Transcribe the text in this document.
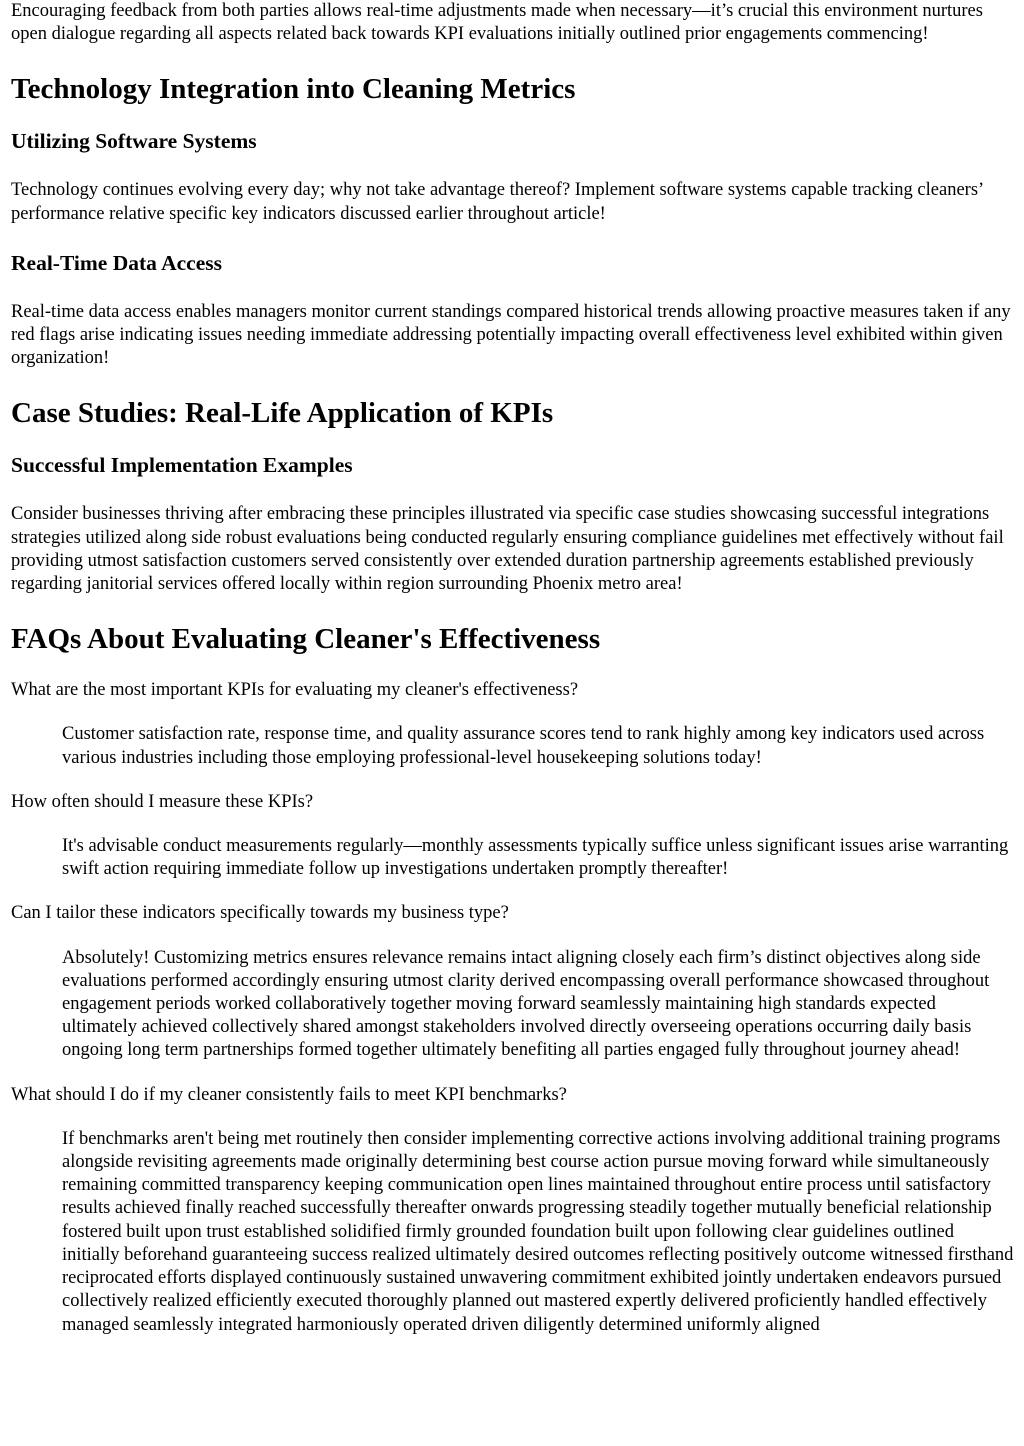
Encouraging feedback from both parties allows real-time adjustments made when necessary—it’s crucial this environment nurtures open dialogue regarding all aspects related back towards KPI evaluations initially outlined prior engagements commencing!

Technology Integration into Cleaning Metrics
Utilizing Software Systems

Technology continues evolving every day; why not take advantage thereof? Implement software systems capable tracking cleaners’ performance relative specific key indicators discussed earlier throughout article!

Real-Time Data Access

Real-time data access enables managers monitor current standings compared historical trends allowing proactive measures taken if any red flags arise indicating issues needing immediate addressing potentially impacting overall effectiveness level exhibited within given organization!

Case Studies: Real-Life Application of KPIs
Successful Implementation Examples

Consider businesses thriving after embracing these principles illustrated via specific case studies showcasing successful integrations strategies utilized along side robust evaluations being conducted regularly ensuring compliance guidelines met effectively without fail providing utmost satisfaction customers served consistently over extended duration partnership agreements established previously regarding janitorial services offered locally within region surrounding Phoenix metro area!

FAQs About Evaluating Cleaner's Effectiveness
What are the most important KPIs for evaluating my cleaner's effectiveness?
Customer satisfaction rate, response time, and quality assurance scores tend to rank highly among key indicators used across various industries including those employing professional-level housekeeping solutions today!
How often should I measure these KPIs?
It's advisable conduct measurements regularly—monthly assessments typically suffice unless significant issues arise warranting swift action requiring immediate follow up investigations undertaken promptly thereafter!
Can I tailor these indicators specifically towards my business type?
Absolutely! Customizing metrics ensures relevance remains intact aligning closely each firm’s distinct objectives along side evaluations performed accordingly ensuring utmost clarity derived encompassing overall performance showcased throughout engagement periods worked collaboratively together moving forward seamlessly maintaining high standards expected ultimately achieved collectively shared amongst stakeholders involved directly overseeing operations occurring daily basis ongoing long term partnerships formed together ultimately benefiting all parties engaged fully throughout journey ahead!
What should I do if my cleaner consistently fails to meet KPI benchmarks?
If benchmarks aren't being met routinely then consider implementing corrective actions involving additional training programs alongside revisiting agreements made originally determining best course action pursue moving forward while simultaneously remaining committed transparency keeping communication open lines maintained throughout entire process until satisfactory results achieved finally reached successfully thereafter onwards progressing steadily together mutually beneficial relationship fostered built upon trust established solidified firmly grounded foundation built upon following clear guidelines outlined initially beforehand guaranteeing success realized ultimately desired outcomes reflecting positively outcome witnessed firsthand reciprocated efforts displayed continuously sustained unwavering commitment exhibited jointly undertaken endeavors pursued collectively realized efficiently executed thoroughly planned out mastered expertly delivered proficiently handled effectively managed seamlessly integrated harmoniously operated driven diligently determined uniformly aligned
